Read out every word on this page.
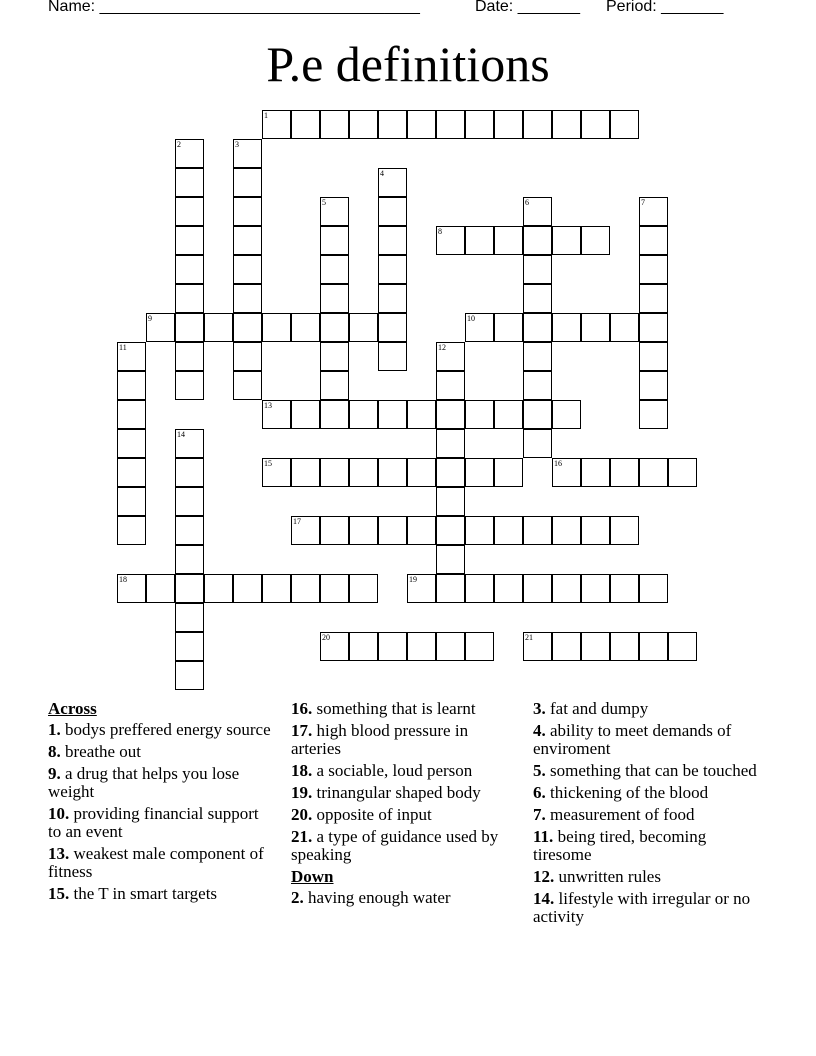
Name: ____________________________________	Date: _______ Period: _______
P.e definitions
1
2	3
4
5	6	7
8
9	10
11	12
13
14
15	16
17
18	19
20	21
Across
1. bodys preffered energy source
8. breathe out
9. a drug that helps you lose weight
10. providing financial support to an event
13. weakest male component of fitness
15. the T in smart targets
16. something that is learnt
17. high blood pressure in arteries
18. a sociable, loud person
19. trinangular shaped body
20. opposite of input
21. a type of guidance used by speaking
Down
2. having enough water
3. fat and dumpy
4. ability to meet demands of enviroment
5. something that can be touched
6. thickening of the blood
7. measurement of food
11. being tired, becoming tiresome
12. unwritten rules
14. lifestyle with irregular or no activity
